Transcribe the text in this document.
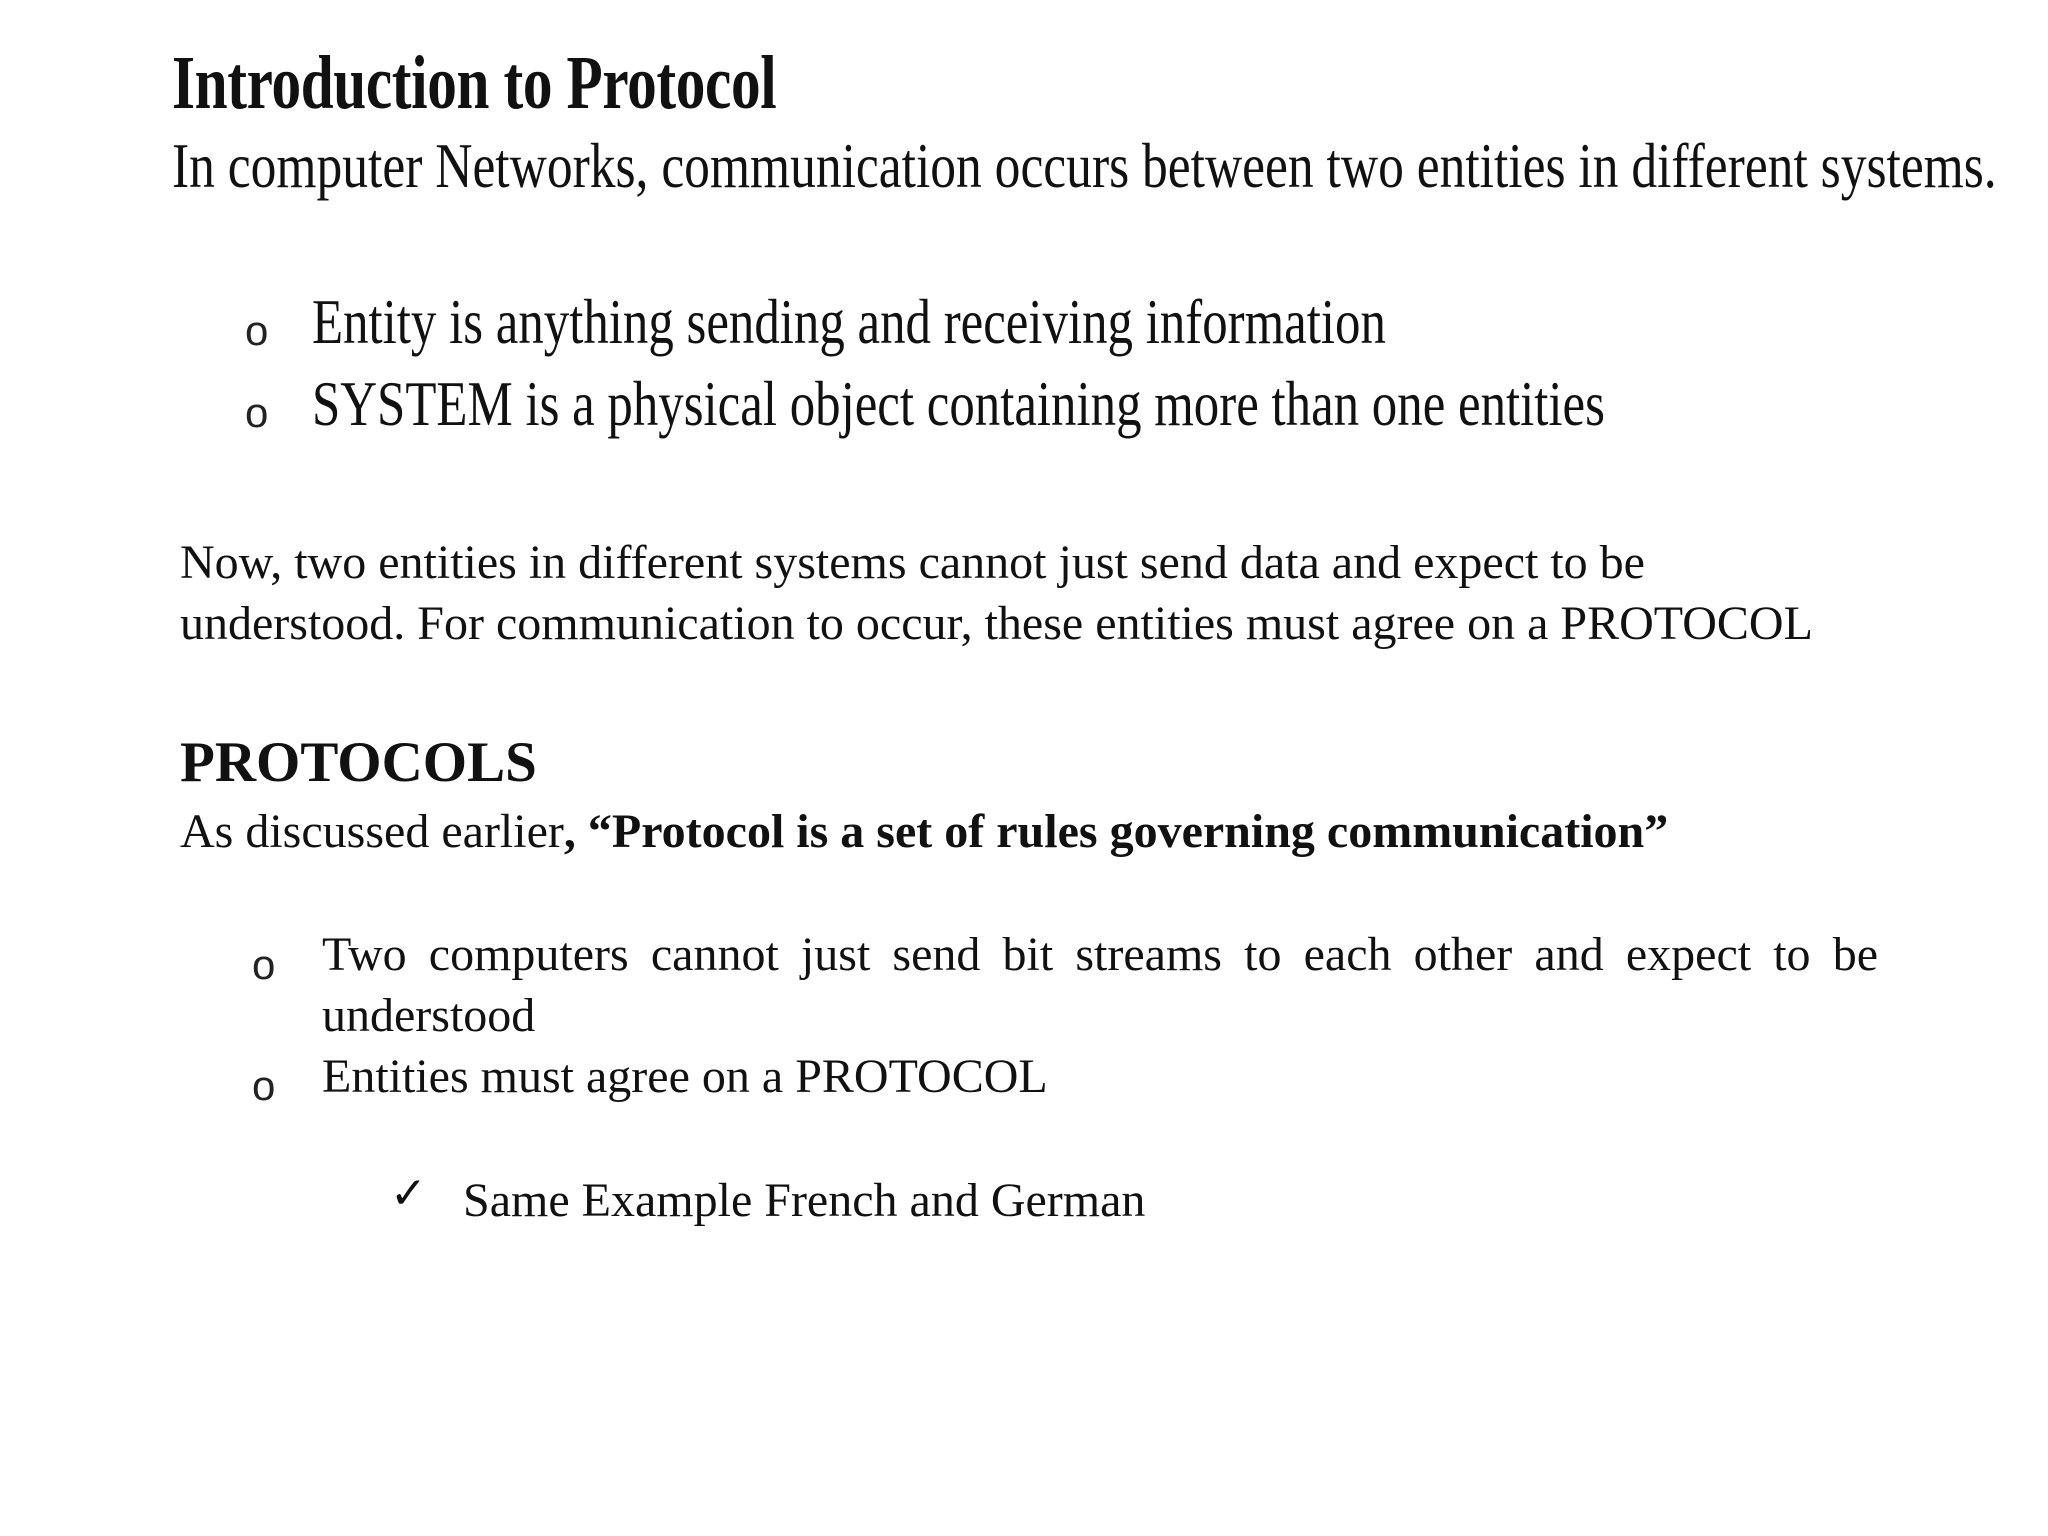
Introduction to Protocol

In computer Networks, communication occurs between two entities in different systems.

o Entity is anything sending and receiving information
o SYSTEM is a physical object containing more than one entities

Now, two entities in different systems cannot just send data and expect to be understood. For communication to occur, these entities must agree on a PROTOCOL

PROTOCOLS

As discussed earlier, “Protocol is a set of rules governing communication”

o Two computers cannot just send bit streams to each other and expect to be understood
o Entities must agree on a PROTOCOL
✓ Same Example French and German
